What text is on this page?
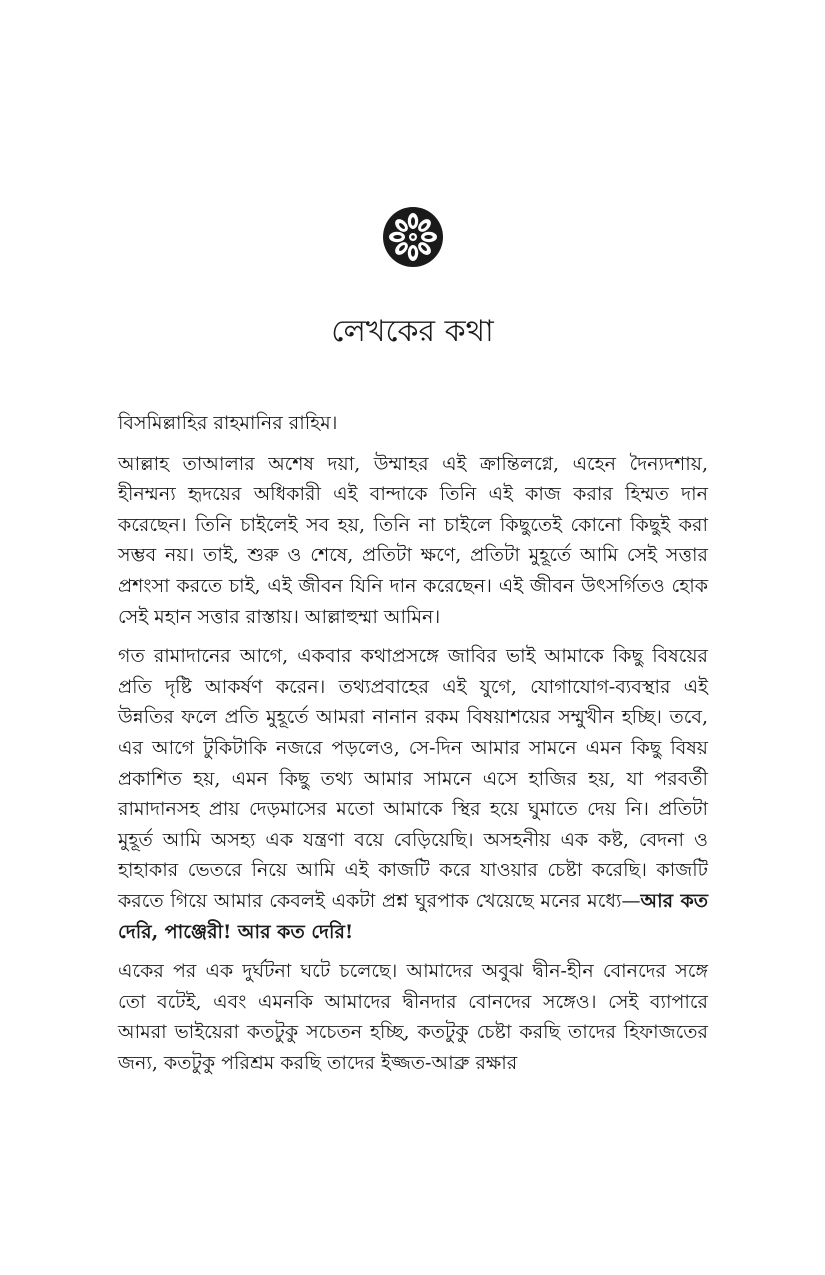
লেখকের কথা

বিসমিল্লাহির রাহমানির রাহিম।

আল্লাহ তাআলার অশেষ দয়া, উম্মাহর এই ক্রান্তিলগ্নে, এহেন দৈন্যদশায়, হীনম্মন্য হৃদয়ের অধিকারী এই বান্দাকে তিনি এই কাজ করার হিম্মত দান করেছেন। তিনি চাইলেই সব হয়, তিনি না চাইলে কিছুতেই কোনো কিছুই করা সম্ভব নয়। তাই, শুরু ও শেষে, প্রতিটা ক্ষণে, প্রতিটা মুহূর্তে আমি সেই সত্তার প্রশংসা করতে চাই, এই জীবন যিনি দান করেছেন। এই জীবন উৎসর্গিতও হোক সেই মহান সত্তার রাস্তায়। আল্লাহুম্মা আমিন।

গত রামাদানের আগে, একবার কথাপ্রসঙ্গে জাবির ভাই আমাকে কিছু বিষয়ের প্রতি দৃষ্টি আকর্ষণ করেন। তথ্যপ্রবাহের এই যুগে, যোগাযোগ-ব্যবস্থার এই উন্নতির ফলে প্রতি মুহূর্তে আমরা নানান রকম বিষয়াশয়ের সম্মুখীন হচ্ছি। তবে, এর আগে টুকিটাকি নজরে পড়লেও, সে-দিন আমার সামনে এমন কিছু বিষয় প্রকাশিত হয়, এমন কিছু তথ্য আমার সামনে এসে হাজির হয়, যা পরবর্তী রামাদানসহ প্রায় দেড়মাসের মতো আমাকে স্থির হয়ে ঘুমাতে দেয় নি। প্রতিটা মুহূর্ত আমি অসহ্য এক যন্ত্রণা বয়ে বেড়িয়েছি। অসহনীয় এক কষ্ট, বেদনা ও হাহাকার ভেতরে নিয়ে আমি এই কাজটি করে যাওয়ার চেষ্টা করেছি। কাজটি করতে গিয়ে আমার কেবলই একটা প্রশ্ন ঘুরপাক খেয়েছে মনের মধ্যে—আর কত দেরি, পাঞ্জেরী! আর কত দেরি!

একের পর এক দুর্ঘটনা ঘটে চলেছে। আমাদের অবুঝ দ্বীন-হীন বোনদের সঙ্গে তো বটেই, এবং এমনকি আমাদের দ্বীনদার বোনদের সঙ্গেও। সেই ব্যাপারে আমরা ভাইয়েরা কতটুকু সচেতন হচ্ছি, কতটুকু চেষ্টা করছি তাদের হিফাজতের জন্য, কতটুকু পরিশ্রম করছি তাদের ইজ্জত-আব্রু রক্ষার
